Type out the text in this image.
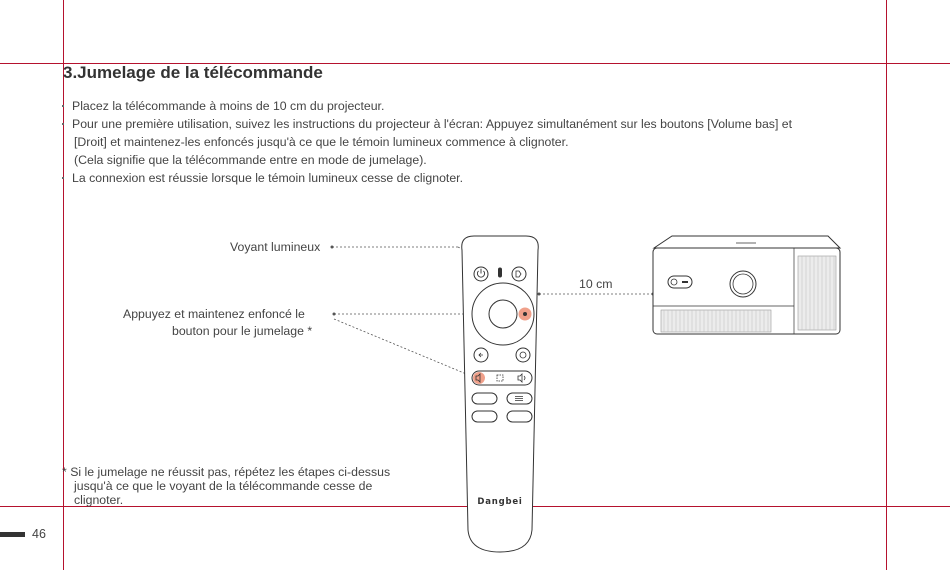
3.Jumelage de la télécommande
Placez la télécommande à moins de 10 cm du projecteur.
Pour une première utilisation, suivez les instructions du projecteur à l'écran: Appuyez simultanément sur les boutons [Volume bas] et
[Droit] et maintenez-les enfoncés jusqu'à ce que le témoin lumineux commence à clignoter.
(Cela signifie que la télécommande entre en mode de jumelage).
La connexion est réussie lorsque le témoin lumineux cesse de clignoter.
Voyant lumineux
Appuyez et maintenez enfoncé le
bouton pour le jumelage *
10 cm
Dangbei
* Si le jumelage ne réussit pas, répétez les étapes ci-dessus
jusqu'à ce que le voyant de la télécommande cesse de
clignoter.
46
